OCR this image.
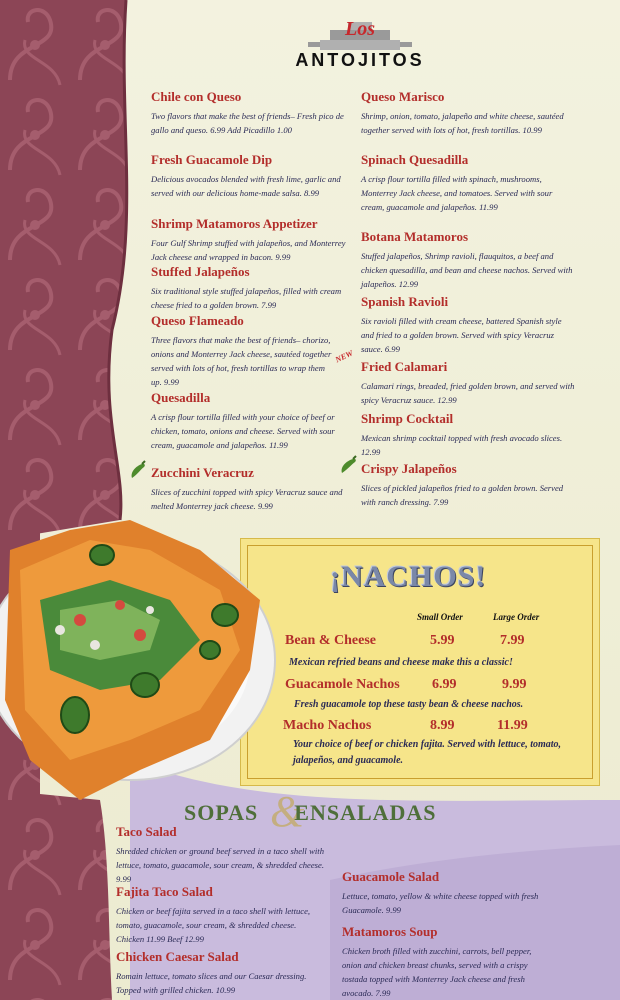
Los
ANTOJITOS
Chile con Queso
Two flavors that make the best of friends– Fresh pico de gallo and queso. 6.99 Add Picadillo 1.00
Fresh Guacamole Dip
Delicious avocados blended with fresh lime, garlic and served with our delicious home-made salsa. 8.99
Shrimp Matamoros Appetizer
Four Gulf Shrimp stuffed with jalapeños, and Monterrey Jack cheese and wrapped in bacon. 9.99
Stuffed Jalapeños
Six traditional style stuffed jalapeños, filled with cream cheese fried to a golden brown. 7.99
Queso Flameado
Three flavors that make the best of friends– chorizo, onions and Monterrey Jack cheese, sautéed together served with lots of hot, fresh tortillas to wrap them up. 9.99
Quesadilla
A crisp flour tortilla filled with your choice of beef or chicken, tomato, onions and cheese. Served with sour cream, guacamole and jalapeños. 11.99
Zucchini Veracruz
Slices of zucchini topped with spicy Veracruz sauce and melted Monterrey jack cheese. 9.99
Queso Marisco
Shrimp, onion, tomato, jalapeño and white cheese, sautéed together served with lots of hot, fresh tortillas. 10.99
Spinach Quesadilla
A crisp flour tortilla filled with spinach, mushrooms, Monterrey Jack cheese, and tomatoes. Served with sour cream, guacamole and jalapeños. 11.99
Botana Matamoros
Stuffed jalapeños, Shrimp ravioli, flauquitos, a beef and chicken quesadilla, and bean and cheese nachos. Served with jalapeños. 12.99
Spanish Ravioli
Six ravioli filled with cream cheese, battered Spanish style and fried to a golden brown. Served with spicy Veracruz sauce. 6.99
NEW
Fried Calamari
Calamari rings, breaded, fried golden brown, and served with spicy Veracruz sauce. 12.99
Shrimp Cocktail
Mexican shrimp cocktail topped with fresh avocado slices. 12.99
Crispy Jalapeños
Slices of pickled jalapeños fried to a golden brown. Served with ranch dressing. 7.99
¡NACHOS!
Small Order	Large Order
Bean & Cheese	5.99	7.99
Mexican refried beans and cheese make this a classic!
Guacamole Nachos 6.99	9.99
Fresh guacamole top these tasty bean & cheese nachos.
Macho Nachos	8.99	11.99
Your choice of beef or chicken fajita. Served with lettuce, tomato, jalapeños, and guacamole.
&
SOPAS ENSALADAS
Taco Salad
Shredded chicken or ground beef served in a taco shell with lettuce, tomato, guacamole, sour cream, & shredded cheese. 9.99
Fajita Taco Salad
Chicken or beef fajita served in a taco shell with lettuce, tomato, guacamole, sour cream, & shredded cheese. Chicken 11.99 Beef 12.99
Chicken Caesar Salad
Romain lettuce, tomato slices and our Caesar dressing. Topped with grilled chicken. 10.99
Guacamole Salad
Lettuce, tomato, yellow & white cheese topped with fresh Guacamole. 9.99
Matamoros Soup
Chicken broth filled with zucchini, carrots, bell pepper, onion and chicken breast chunks, served with a crispy tostada topped with Monterrey Jack cheese and fresh avocado. 7.99
